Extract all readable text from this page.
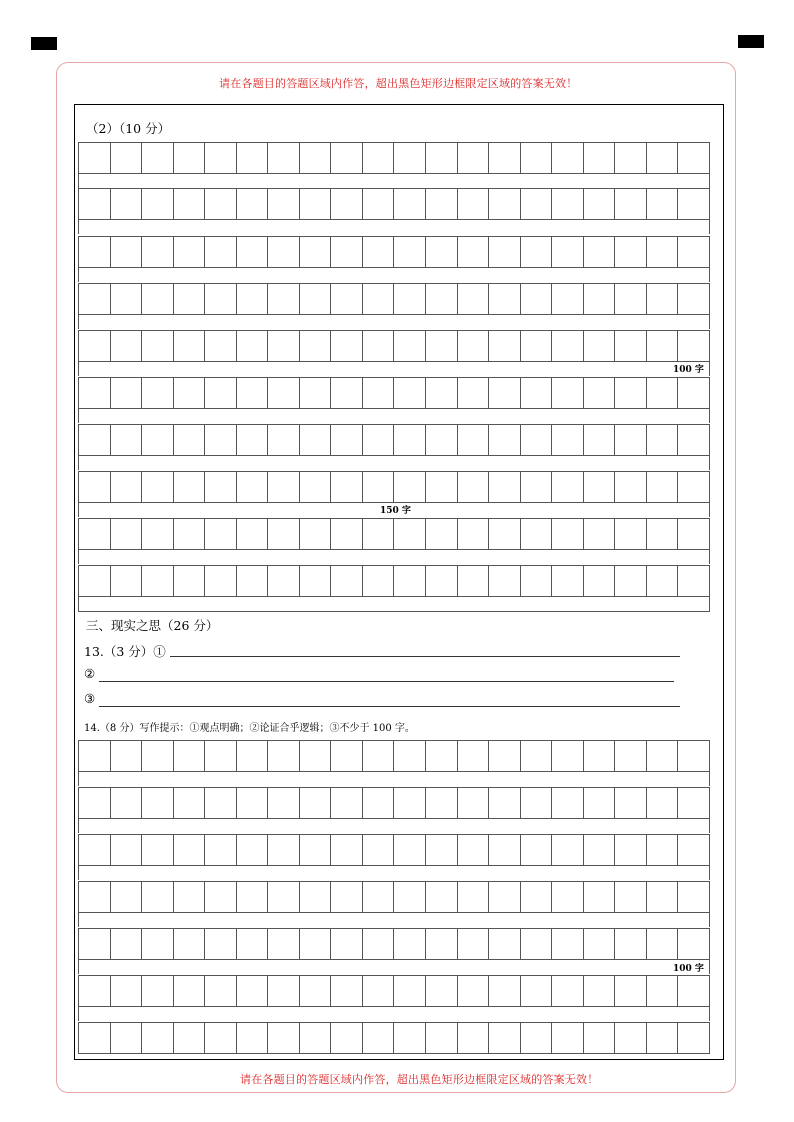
请在各题目的答题区域内作答，超出黑色矩形边框限定区域的答案无效！
请在各题目的答题区域内作答，超出黑色矩形边框限定区域的答案无效！
（2）（10 分）
100 字
150 字
三、现实之思（26 分）
13.（3 分）①
②
③
14.（8 分）写作提示：①观点明确；②论证合乎逻辑；③不少于 100 字。
100 字
